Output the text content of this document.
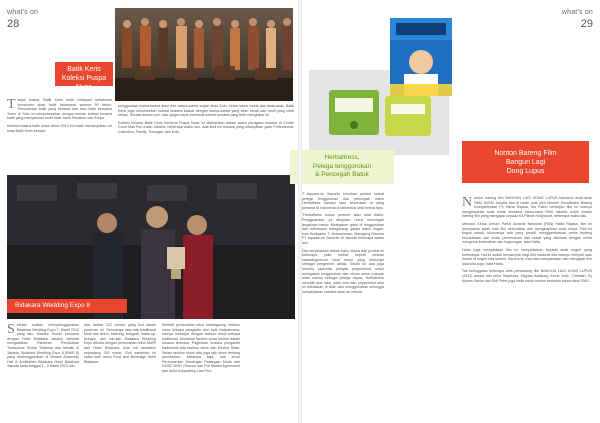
what's on
28
Batik Keris
Koleksi Puspa Nusa

Tanpa terasa, Batik Keris telah melayani kebutuhan konsumen akan batik tradisional selama 90 tahun. Perusahaan batik yang berawal dari toko batik bernama 'Keris' di Solo ini menyelaraskan dengan meriah koleksi busana batik yang menyatukan motif batik Jawa Pesisiran dan Empa.

Koleksi busana batik untuk tahun 2013 ini masih menampilkan ciri khas Batik Keris berupa

penggunaan warna-warna alam dan warna-warna sogan khas Solo. Untuk kaum muda dan anak-anak, Batik Keris juga meluncurkan koleksi busana kasual dengan warna-warna yang lebih cerah dan motif yang lebih bebas. Secara desain pun, ada upaya untuk membuat koleksi busana yang lebih menghibur ini.

Koleksi busana Batik Keris bertema Puspa Nusa ini ditampilkan dalam acara peragaan busana di Center Court Mall Pon Indah Jakarta, beberapa waktu lalu. Ada lima lini busana yang ditampilkan yaitu Professional, Collection, Family, Teenager, dan Kids.

Bidakara Wedding Expo 8

Setelah sukses menyelenggarakan Bidakara Wedding Expo 7, Maret 2012 yang lalu, Manten House bersama dengan Hotel Bidakara Jakarta, kembali mengadakan Pameran Pernikahan Tradisional Global Terbesar dan terbaik di Jakarta, Bidakara Wedding Expo 8 (BWE 8) yang diselenggarakan di Birawa Assembly Hall & Auditorium Bidakara Hotel Bidakara Jakarta pada tanggal 1 - 3 Maret 2013 lalu.

Ada sekitar 122 vendor yang ikut dalam pameran ini. Semuanya rata-rata traditional Multi dari dekor, katering, fotografi, make-up, kebaya, dan lain-lain Bidakara Wedding Expo dibuka dengan pemecahan rekor MURI dari Hotel Bidakara, Ada roti sandwich sepanjang 220 meter. Roti sandwich ini salah satu menu Food and Beverage Hotel Bidakara.

Setelah pemecahan rekor berlangsung, fashion show kebaya pengantin dari Apik Dwipancana, lainnya berlanjut dengan fashion show kebaya traditional. Kenaikan fashion show berikut dalam busana tersebut. Pagelaran busana pengantin tradisional ada fashion show dan Devina Shah. Selain fashion show ada juga talk show tentang pernikahan. Misalnya saja, talk show Perencanaan Keuangan Pasangan Muda dari OCBC NISP, Finance dan Pre Marital Agreement dari Anita Kolopaking Law Firm.

what's on
29
Herbaltress,
Pelega tenggorokan
& Pencegah Batuk

T Aquase-ve Sanorite lunurkan produk herbal pelega tenggorokan dan pencegah batuk Herbaltress hasrasi baru kesehatan di yang pertama di Indonesia di berbentuk strip herbal tipis.

"Herbaltress bukan permen atau obat batuk. Pengguanaan ya ditujukan untuk mencegah terjadinya batuk. Melegakan gatal di tenggorokan dan membantu mengurangi gejala batuk ringan. Ivan Budiyanto T. Muwasirman, Managing Director PT Aquase-ve Sanorite di Jakarta beberapa waktu lalu.

Dia menjelaskan bahan baku utama dari produk ini beberapa yaitu herbal seperti ekstrak sauseilugomzee lokal murni yang berfungsi sebagai pengencer dahak. Selain itu ada juga mentha piperetta (minyak peppermint) untuk melegakan tenggorokan dan eleum anise (minyak adas manis) sebagai pelega napas. Herbaltress memiliki dua rasa, yaitu mint dan peppermint strip ini diletakkan di lidah dan menggunakan sehingga menyejukkan sehabis akan air minum.

Nonton Bareng Film
Bangun Lagi
Dong Lupus

Nonton bareng film BANGUN LAGI DONG LUPUS bersama anak-anak SMU SeDKI Jakarta dan di hadiri pula oleh Menteri Koordinator Bidang Kesejahteraan PL Harta Rajasa, Ibu Fatrio berfanjao film ini mampu menginspirasi anak muda terutama siswa-siswi SMU Jakarta untuk nonton bareng film yang mengajak kepada K3 Planet Hollywood, beberapa waktu lalu.

Menurut Ketua Umum Partai Amanat Nasional (PAN) Hatta Rajasa, film ini merupakan salah satu film berkualitas dan menginspirasi anak muda. Film ini bagus sekali, khususnya ada yang kreatif, menggambarkan cerita tentang kesukasaan dan suatu pertemanan dan sosial yang dikemas dengan cerita mengenai kebersihan dan lingkungan, kata Hatta.

Hatta juga mengatakan film ini menyadarkan kepada anak negeri yang berbudaya. Hal ini sudah berdampak bagi film nasional kita mampu menjadi tuan rumah di negeri kita sendiri. Karena itu mari kita menyaksikan dan mengajak film lokal kita juga,' kata Hatta.

Tak ketinggalan beberapa artis pendukung film BANGUN LAGI DONG LUPUS (2013) antara lain Acha Septriasa, Migdad Addausy, Kevin Julio, Christian, Ify Alyssa Sasha dan Didi Petet juga hadir untuk nonton bersama siswa-siswi SMU.
